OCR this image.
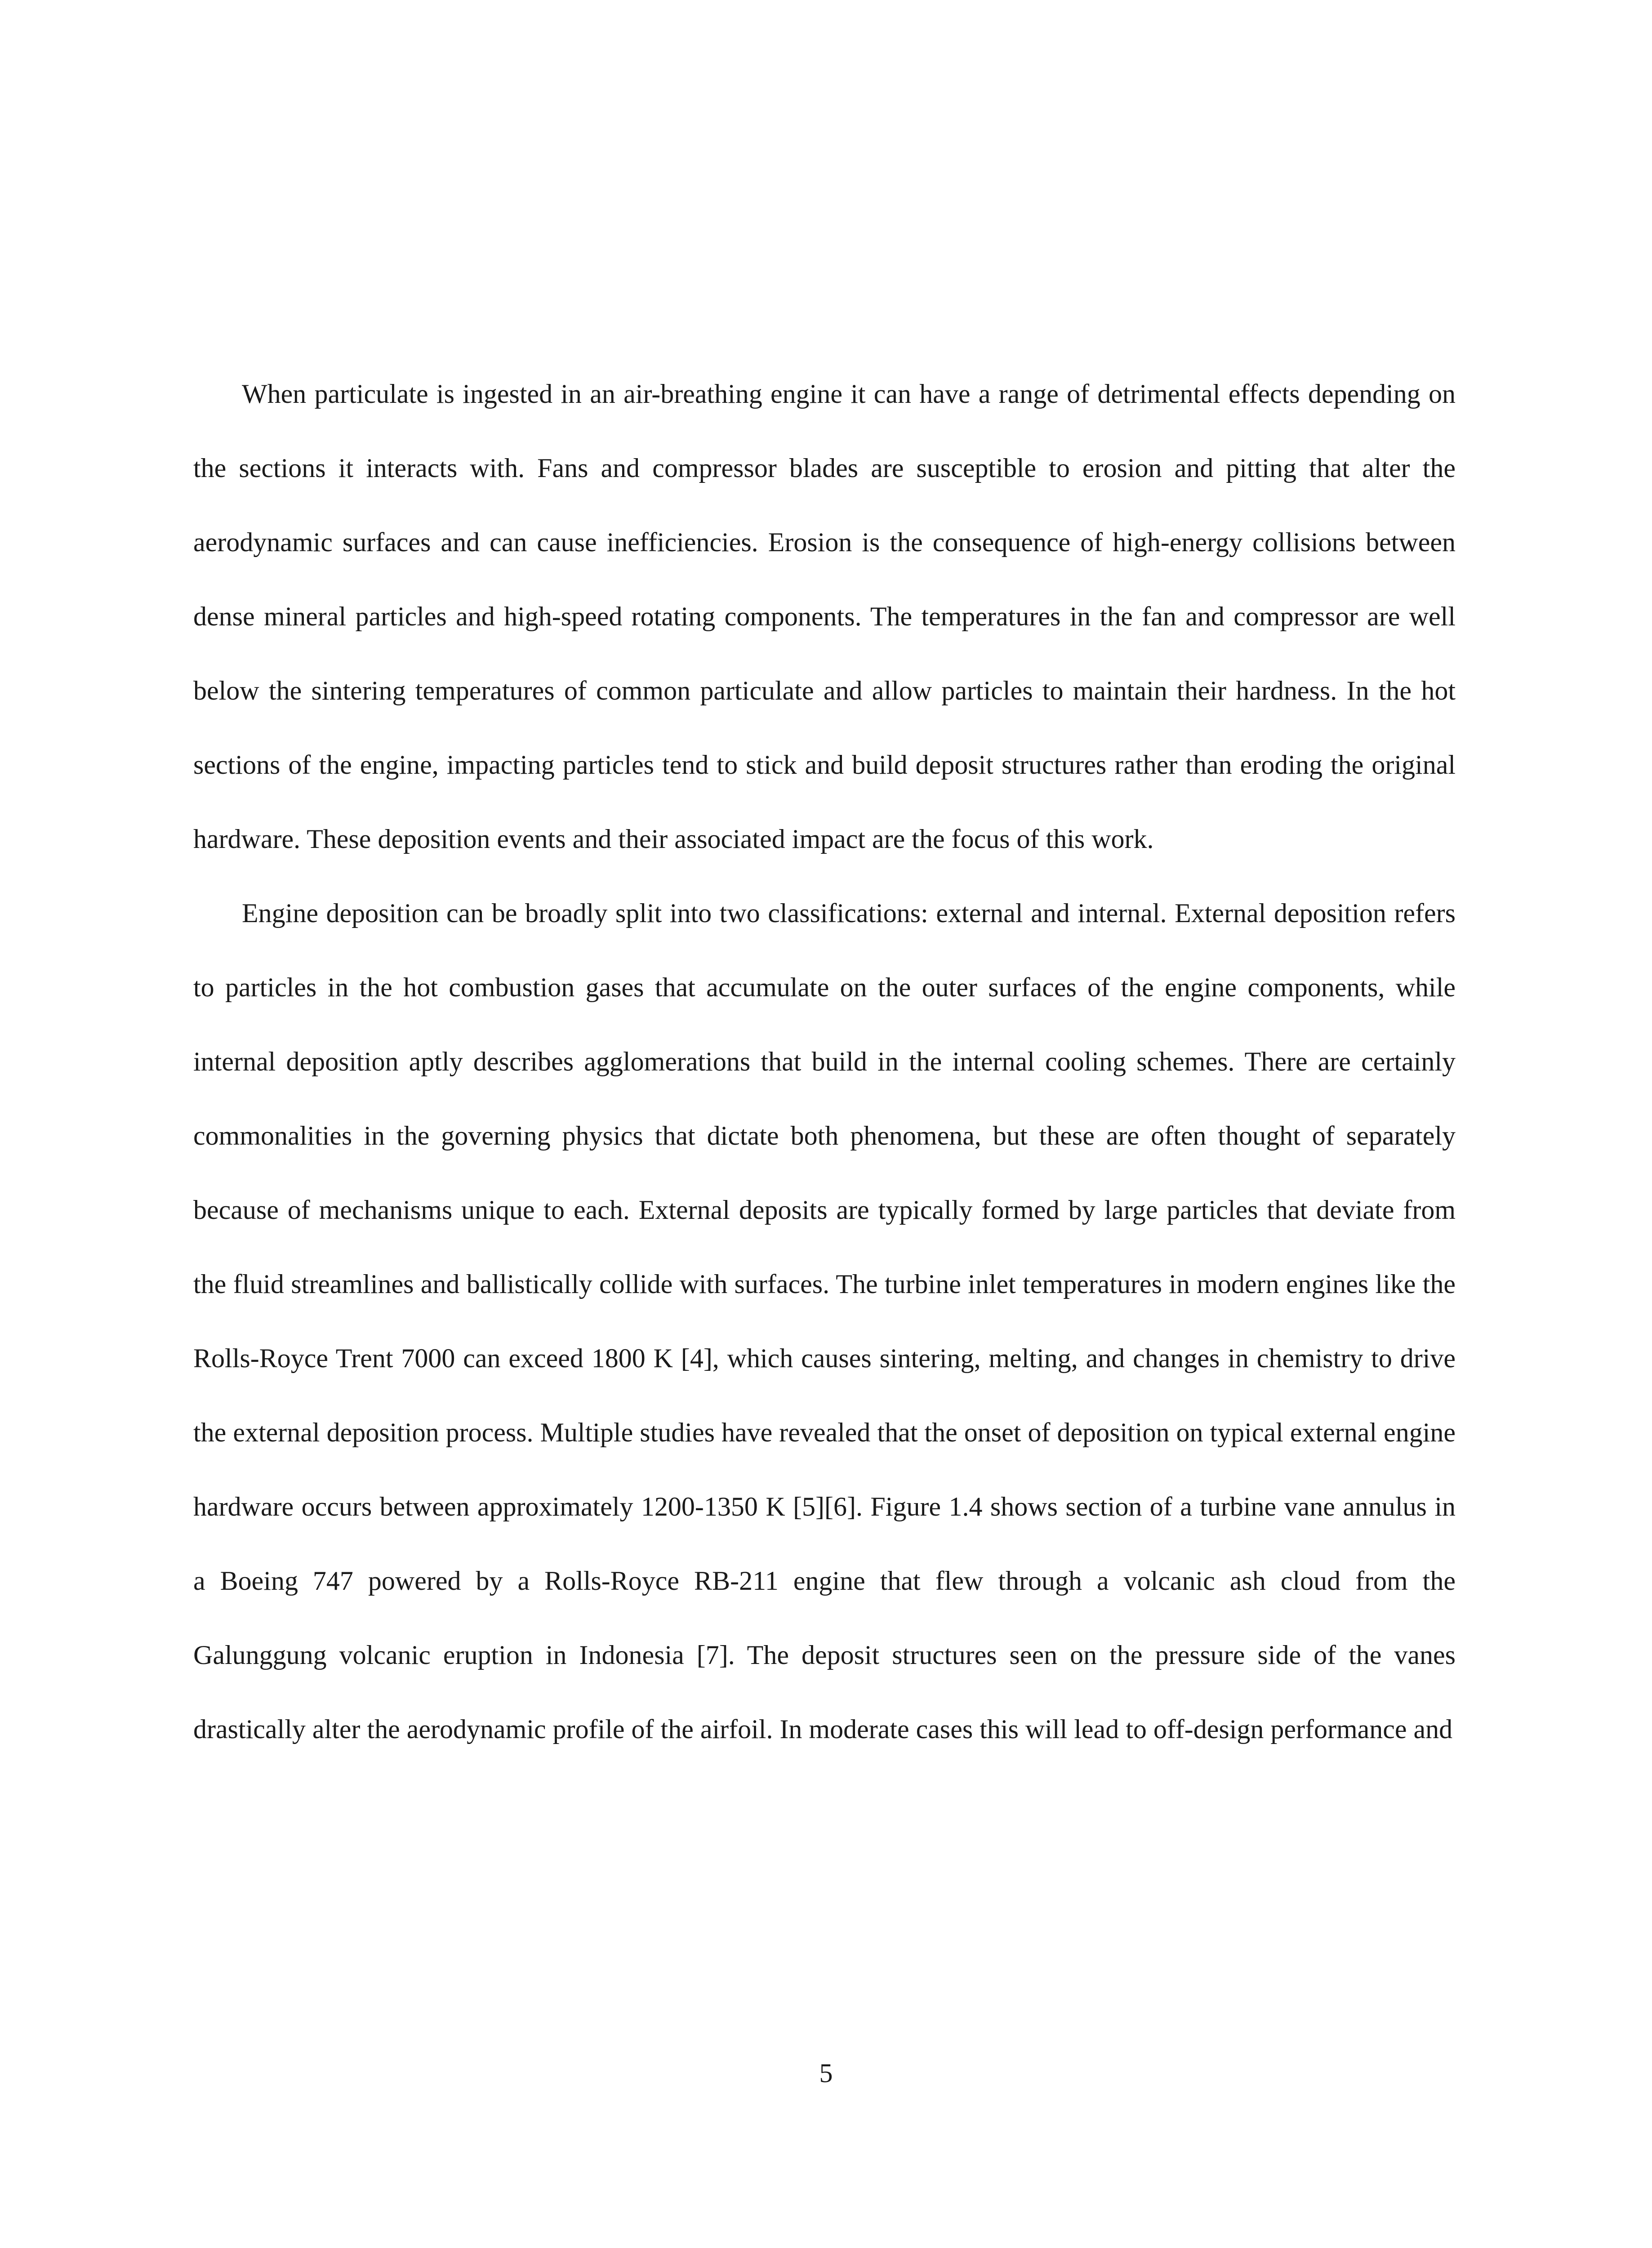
When particulate is ingested in an air-breathing engine it can have a range of detrimental effects depending on the sections it interacts with. Fans and compressor blades are susceptible to erosion and pitting that alter the aerodynamic surfaces and can cause inefficiencies. Erosion is the consequence of high-energy collisions between dense mineral particles and high-speed rotating components. The temperatures in the fan and compressor are well below the sintering temperatures of common particulate and allow particles to maintain their hardness. In the hot sections of the engine, impacting particles tend to stick and build deposit structures rather than eroding the original hardware. These deposition events and their associated impact are the focus of this work.

Engine deposition can be broadly split into two classifications: external and internal. External deposition refers to particles in the hot combustion gases that accumulate on the outer surfaces of the engine components, while internal deposition aptly describes agglomerations that build in the internal cooling schemes. There are certainly commonalities in the governing physics that dictate both phenomena, but these are often thought of separately because of mechanisms unique to each. External deposits are typically formed by large particles that deviate from the fluid streamlines and ballistically collide with surfaces. The turbine inlet temperatures in modern engines like the Rolls-Royce Trent 7000 can exceed 1800 K [4], which causes sintering, melting, and changes in chemistry to drive the external deposition process. Multiple studies have revealed that the onset of deposition on typical external engine hardware occurs between approximately 1200-1350 K [5][6]. Figure 1.4 shows section of a turbine vane annulus in a Boeing 747 powered by a Rolls-Royce RB-211 engine that flew through a volcanic ash cloud from the Galunggung volcanic eruption in Indonesia [7]. The deposit structures seen on the pressure side of the vanes drastically alter the aerodynamic profile of the airfoil. In moderate cases this will lead to off-design performance and

5
